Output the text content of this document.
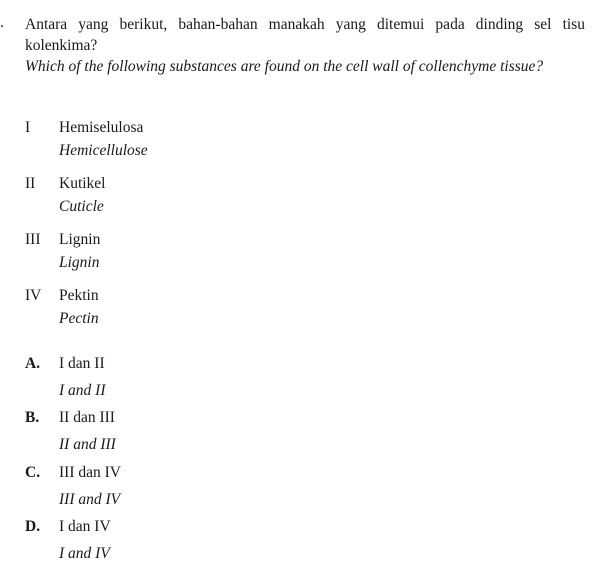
. Antara yang berikut, bahan-bahan manakah yang ditemui pada dinding sel tisu kolenkima?
Which of the following substances are found on the cell wall of collenchyme tissue?
I Hemiselulosa
Hemicellulose
II Kutikel
Cuticle
III Lignin
Lignin
IV Pektin
Pectin
A. I dan II
I and II
B. II dan III
II and III
C. III dan IV
III and IV
D. I dan IV
I and IV
